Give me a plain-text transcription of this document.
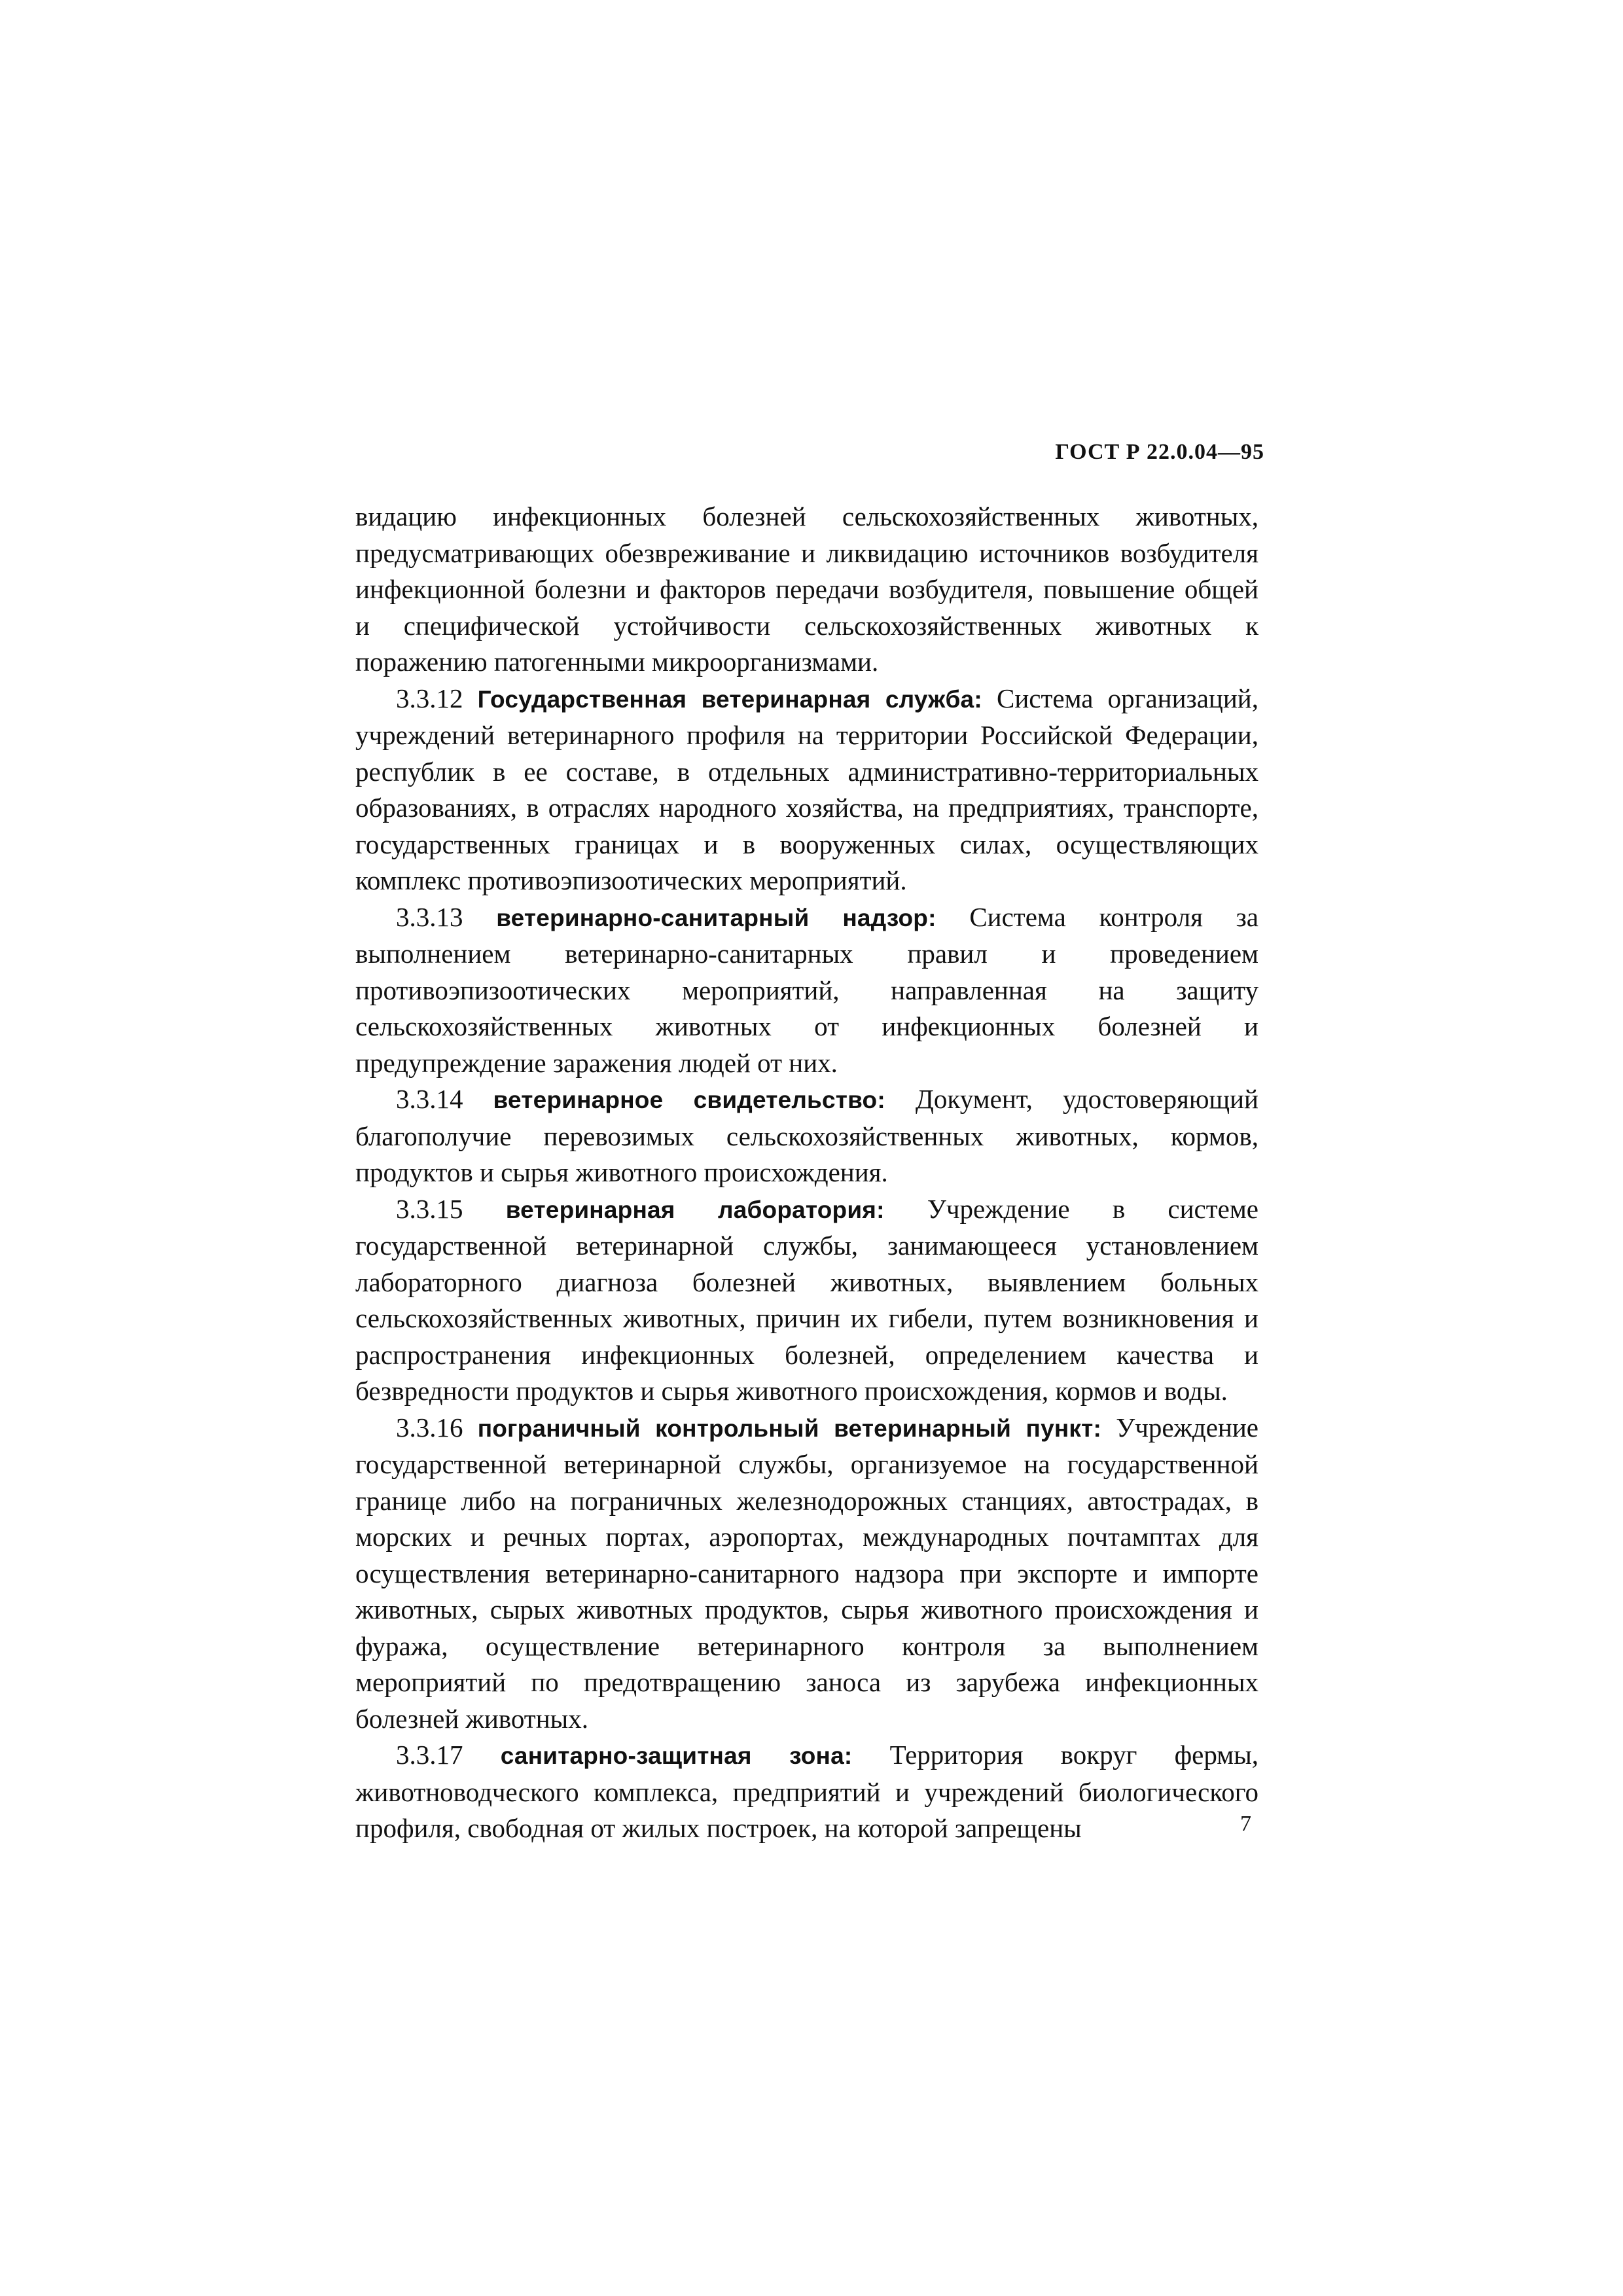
ГОСТ Р 22.0.04—95

видацию инфекционных болезней сельскохозяйственных животных, предусматривающих обезвреживание и ликвидацию источников возбудителя инфекционной болезни и факторов передачи возбудителя, повышение общей и специфической устойчивости сельскохозяйственных животных к поражению патогенными микроорганизмами.

3.3.12 Государственная ветеринарная служба: Система организаций, учреждений ветеринарного профиля на территории Российской Федерации, республик в ее составе, в отдельных административно-территориальных образованиях, в отраслях народного хозяйства, на предприятиях, транспорте, государственных границах и в вооруженных силах, осуществляющих комплекс противоэпизоотических мероприятий.

3.3.13 ветеринарно-санитарный надзор: Система контроля за выполнением ветеринарно-санитарных правил и проведением противоэпизоотических мероприятий, направленная на защиту сельскохозяйственных животных от инфекционных болезней и предупреждение заражения людей от них.

3.3.14 ветеринарное свидетельство: Документ, удостоверяющий благополучие перевозимых сельскохозяйственных животных, кормов, продуктов и сырья животного происхождения.

3.3.15 ветеринарная лаборатория: Учреждение в системе государственной ветеринарной службы, занимающееся установлением лабораторного диагноза болезней животных, выявлением больных сельскохозяйственных животных, причин их гибели, путем возникновения и распространения инфекционных болезней, определением качества и безвредности продуктов и сырья животного происхождения, кормов и воды.

3.3.16 пограничный контрольный ветеринарный пункт: Учреждение государственной ветеринарной службы, организуемое на государственной границе либо на пограничных железнодорожных станциях, автострадах, в морских и речных портах, аэропортах, международных почтамптах для осуществления ветеринарно-санитарного надзора при экспорте и импорте животных, сырых животных продуктов, сырья животного происхождения и фуража, осуществление ветеринарного контроля за выполнением мероприятий по предотвращению заноса из зарубежа инфекционных болезней животных.

3.3.17 санитарно-защитная зона: Территория вокруг фермы, животноводческого комплекса, предприятий и учреждений биологического профиля, свободная от жилых построек, на которой запрещены	7
